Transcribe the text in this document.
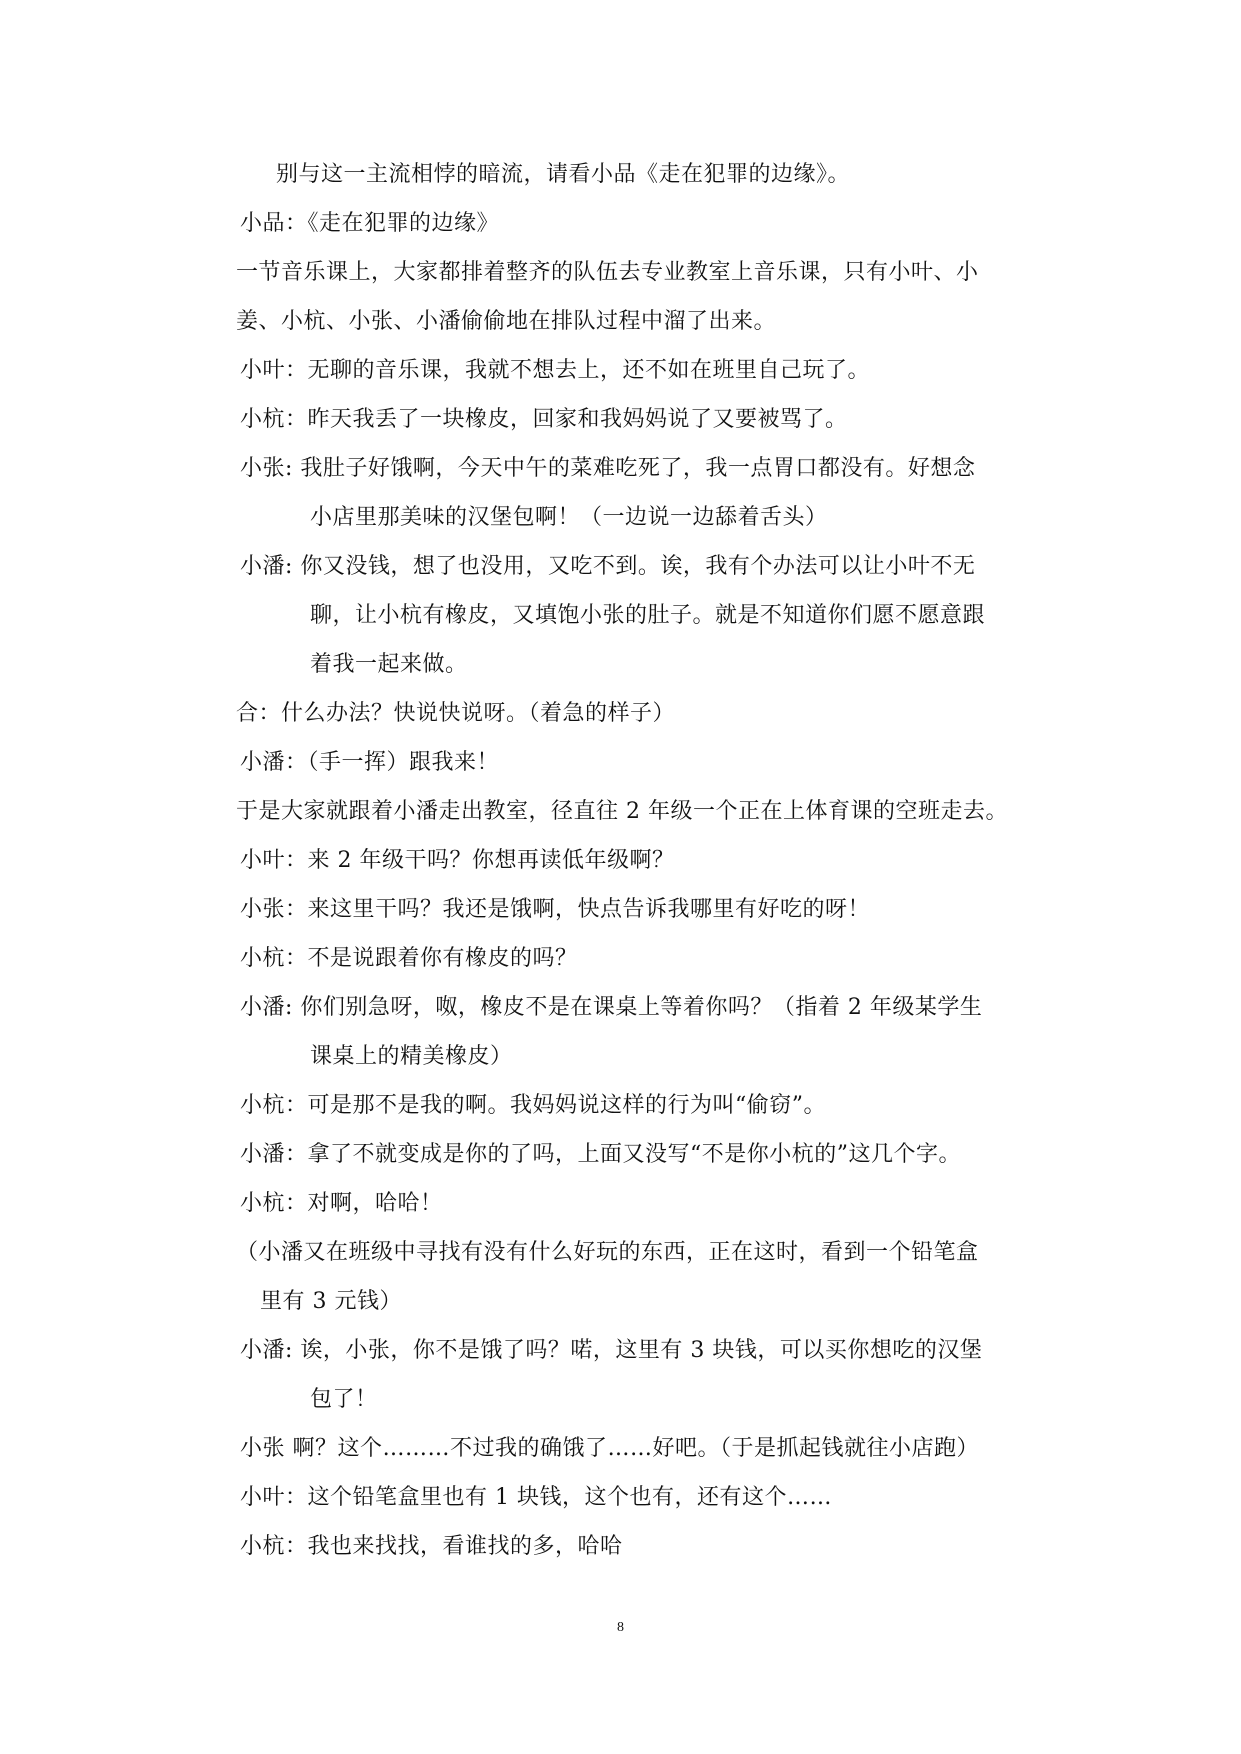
别与这一主流相悖的暗流，请看小品《走在犯罪的边缘》。
小品：《走在犯罪的边缘》
一节音乐课上，大家都排着整齐的队伍去专业教室上音乐课，只有小叶、小
姜、小杭、小张、小潘偷偷地在排队过程中溜了出来。
小叶：无聊的音乐课，我就不想去上，还不如在班里自己玩了。
小杭：昨天我丢了一块橡皮，回家和我妈妈说了又要被骂了。
小张: 我肚子好饿啊，今天中午的菜难吃死了，我一点胃口都没有。好想念
小店里那美味的汉堡包啊！（一边说一边舔着舌头）
小潘: 你又没钱，想了也没用，又吃不到。诶，我有个办法可以让小叶不无
聊，让小杭有橡皮，又填饱小张的肚子。就是不知道你们愿不愿意跟
着我一起来做。
合：什么办法？快说快说呀。（着急的样子）
小潘：（手一挥）跟我来！
于是大家就跟着小潘走出教室，径直往 2 年级一个正在上体育课的空班走去。
小叶：来 2 年级干吗？你想再读低年级啊？
小张：来这里干吗？我还是饿啊，快点告诉我哪里有好吃的呀！
小杭：不是说跟着你有橡皮的吗？
小潘: 你们别急呀，呶，橡皮不是在课桌上等着你吗？（指着 2 年级某学生
课桌上的精美橡皮）
小杭：可是那不是我的啊。我妈妈说这样的行为叫“偷窃”。
小潘：拿了不就变成是你的了吗，上面又没写“不是你小杭的”这几个字。
小杭：对啊，哈哈！
（小潘又在班级中寻找有没有什么好玩的东西，正在这时，看到一个铅笔盒
里有 3 元钱）
小潘: 诶，小张，你不是饿了吗？喏，这里有 3 块钱，可以买你想吃的汉堡
包了！
小张 啊？这个………不过我的确饿了……好吧。（于是抓起钱就往小店跑）
小叶：这个铅笔盒里也有 1 块钱，这个也有，还有这个……
小杭：我也来找找，看谁找的多，哈哈
8
